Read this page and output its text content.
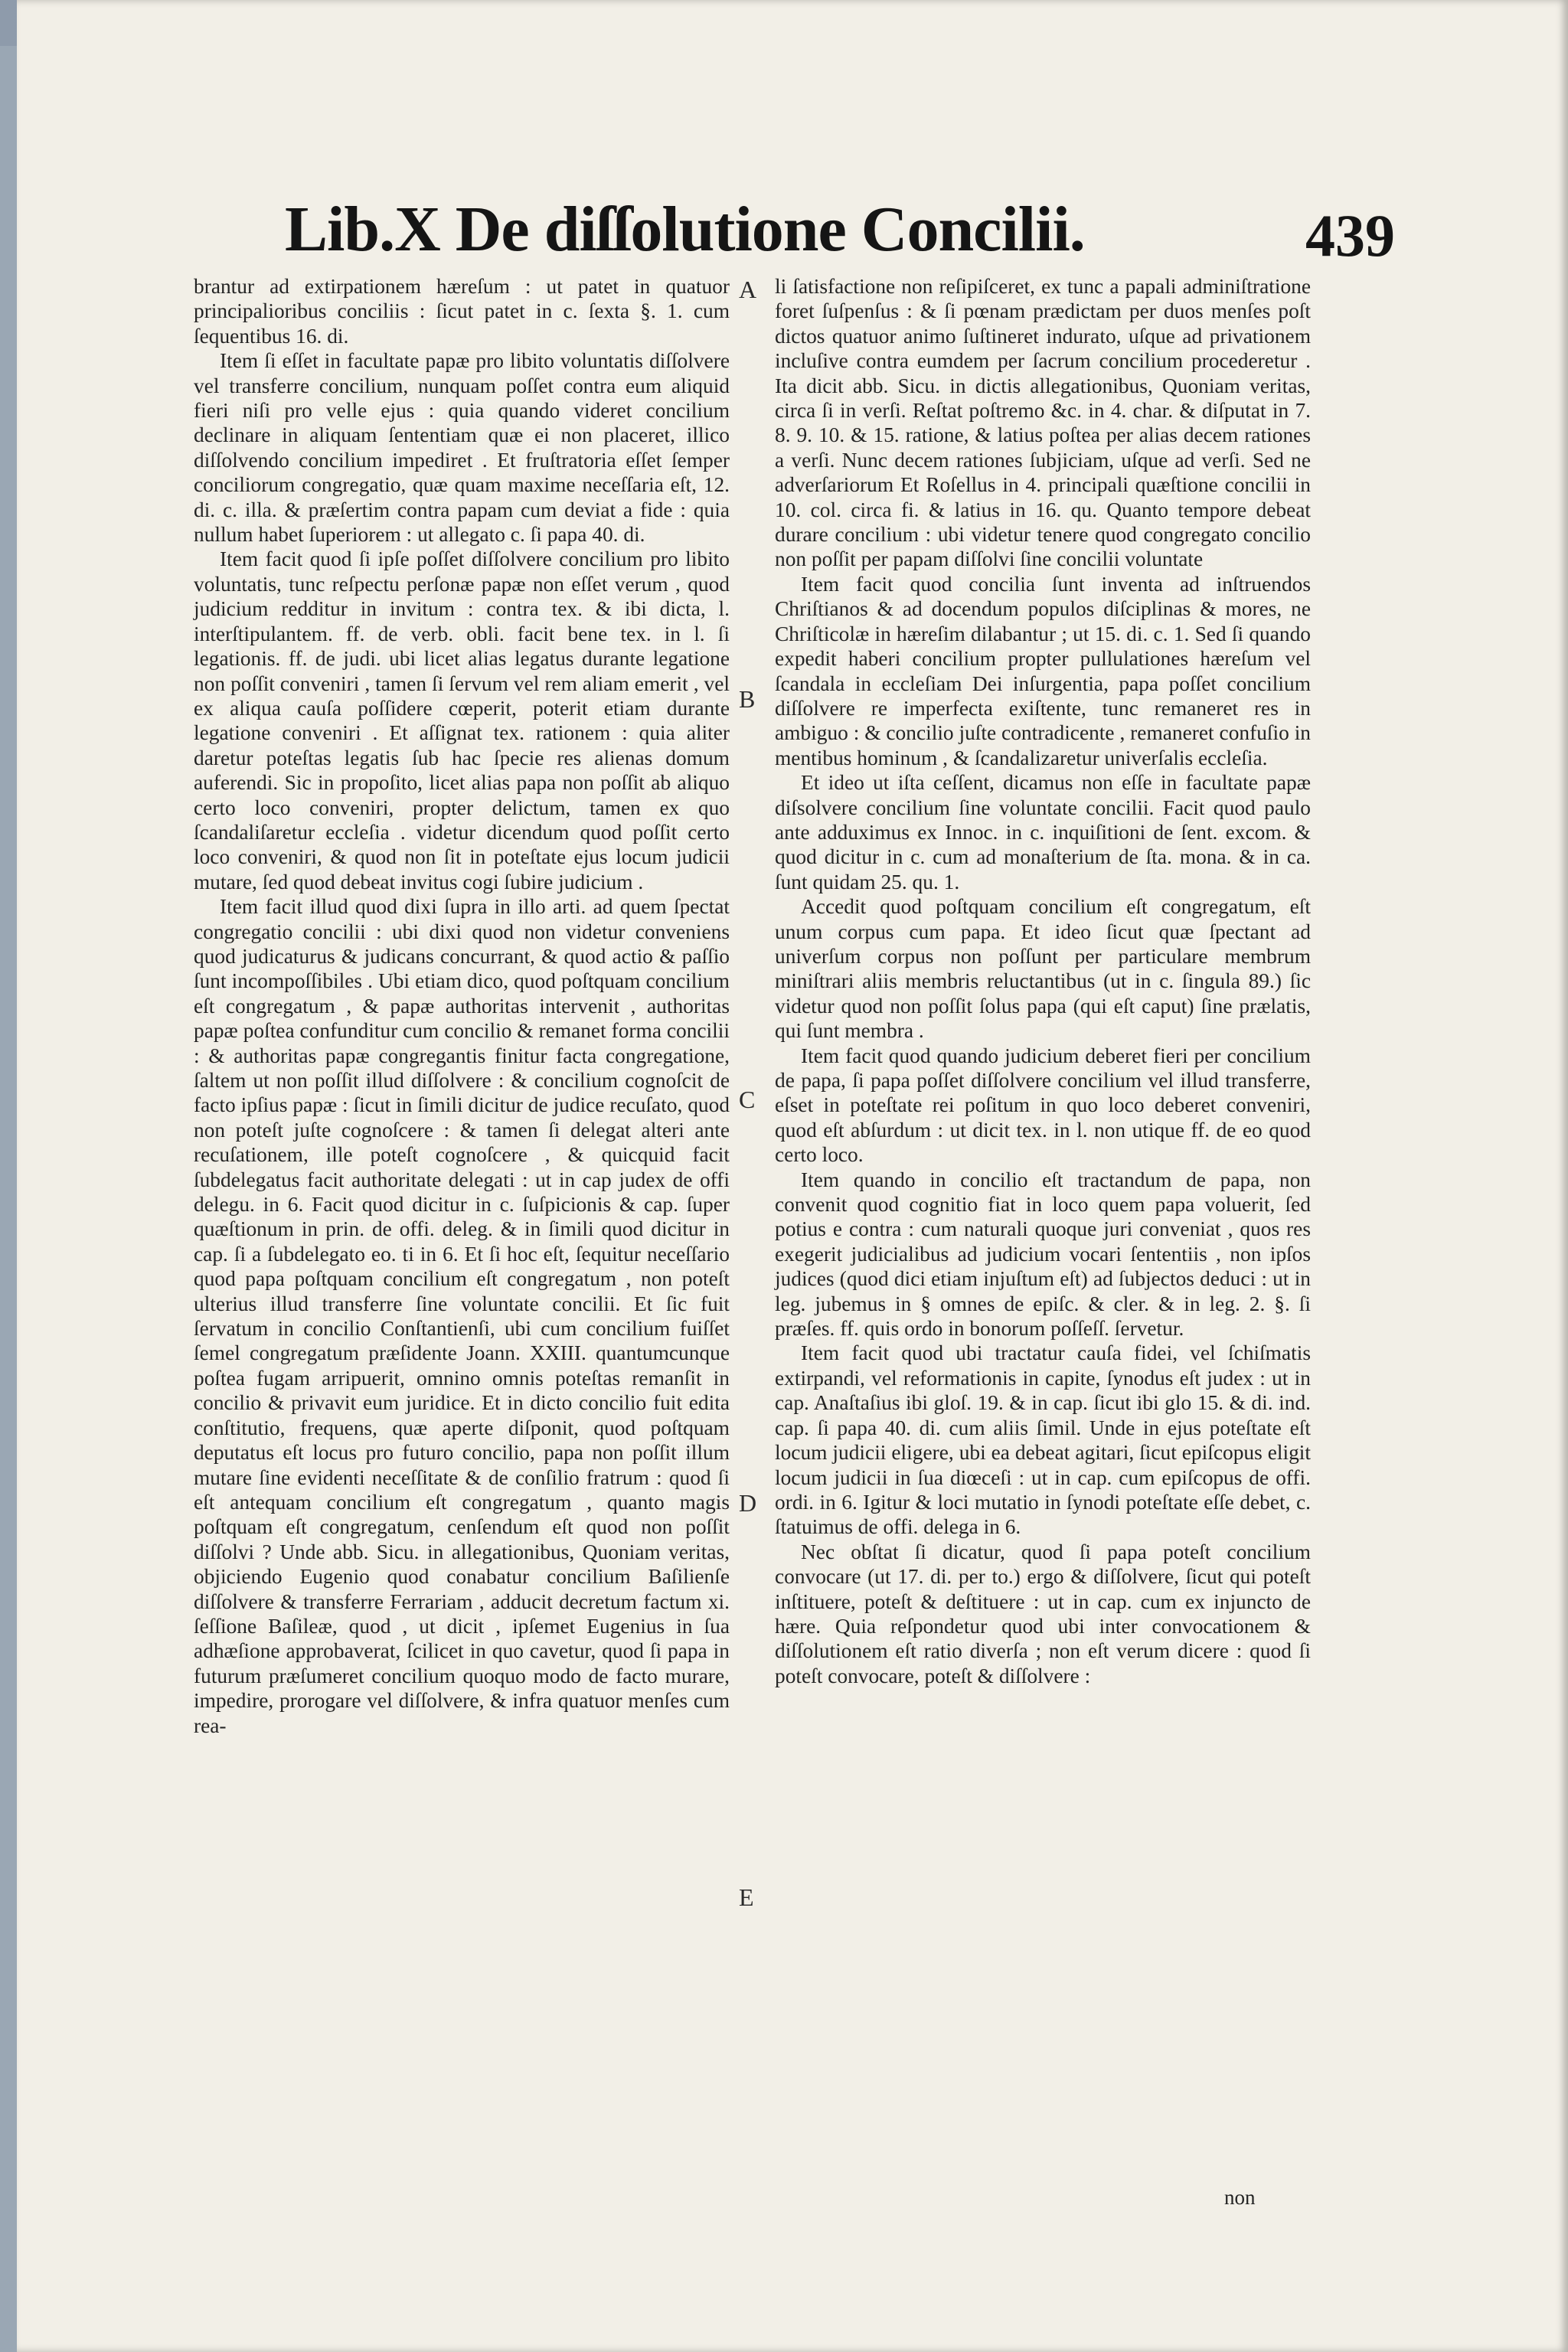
Lib.X De diſſolutione Concilii.	439

brantur ad extirpationem hæreſum : ut patet in quatuor principalioribus conciliis : ſicut patet in c. ſexta §. 1. cum ſequentibus 16. di.

Item ſi eſſet in facultate papæ pro libito voluntatis diſſolvere vel transferre concilium, nunquam poſſet contra eum aliquid fieri niſi pro velle ejus : quia quando videret concilium declinare in aliquam ſententiam quæ ei non placeret, illico diſſolvendo concilium impediret . Et fruſtratoria eſſet ſemper conciliorum congregatio, quæ quam maxime neceſſaria eſt, 12. di. c. illa. & præſertim contra papam cum deviat a fide : quia nullum habet ſuperiorem : ut allegato c. ſi papa 40. di.

Item facit quod ſi ipſe poſſet diſſolvere concilium pro libito voluntatis, tunc reſpectu perſonæ papæ non eſſet verum , quod judicium redditur in invitum : contra tex. & ibi dicta, l. interſtipulantem. ff. de verb. obli. facit bene tex. in l. ſi legationis. ff. de judi. ubi licet alias legatus durante legatione non poſſit conveniri , tamen ſi ſervum vel rem aliam emerit , vel ex aliqua cauſa poſſidere cœperit, poterit etiam durante legatione conveniri . Et aſſignat tex. rationem : quia aliter daretur poteſtas legatis ſub hac ſpecie res alienas domum auferendi. Sic in propoſito, licet alias papa non poſſit ab aliquo certo loco conveniri, propter delictum, tamen ex quo ſcandaliſaretur eccleſia . videtur dicendum quod poſſit certo loco conveniri, & quod non ſit in poteſtate ejus locum judicii mutare, ſed quod debeat invitus cogi ſubire judicium .

Item facit illud quod dixi ſupra in illo arti. ad quem ſpectat congregatio concilii : ubi dixi quod non videtur conveniens quod judicaturus & judicans concurrant, & quod actio & paſſio ſunt incompoſſibiles . Ubi etiam dico, quod poſtquam concilium eſt congregatum , & papæ authoritas intervenit , authoritas papæ poſtea confunditur cum concilio & remanet forma concilii : & authoritas papæ congregantis finitur facta congregatione, ſaltem ut non poſſit illud diſſolvere : & concilium cognoſcit de facto ipſius papæ : ſicut in ſimili dicitur de judice recuſato, quod non poteſt juſte cognoſcere : & tamen ſi delegat alteri ante recuſationem, ille poteſt cognoſcere , & quicquid facit ſubdelegatus facit authoritate delegati : ut in cap judex de offi delegu. in 6. Facit quod dicitur in c. ſuſpicionis & cap. ſuper quæſtionum in prin. de offi. deleg. & in ſimili quod dicitur in cap. ſi a ſubdelegato eo. ti in 6. Et ſi hoc eſt, ſequitur neceſſario quod papa poſtquam concilium eſt congregatum , non poteſt ulterius illud transferre ſine voluntate concilii. Et ſic fuit ſervatum in concilio Conſtantienſi, ubi cum concilium fuiſſet ſemel congregatum præſidente Joann. XXIII. quantumcunque poſtea fugam arripuerit, omnino omnis poteſtas remanſit in concilio & privavit eum juridice. Et in dicto concilio fuit edita conſtitutio, frequens, quæ aperte diſponit, quod poſtquam deputatus eſt locus pro futuro concilio, papa non poſſit illum mutare ſine evidenti neceſſitate & de conſilio fratrum : quod ſi eſt antequam concilium eſt congregatum , quanto magis poſtquam eſt congregatum, cenſendum eſt quod non poſſit diſſolvi ? Unde abb. Sicu. in allegationibus, Quoniam veritas, objiciendo Eugenio quod conabatur concilium Baſilienſe diſſolvere & transferre Ferrariam , adducit decretum factum xi. ſeſſione Baſileæ, quod , ut dicit , ipſemet Eugenius in ſua adhæſione approbaverat, ſcilicet in quo cavetur, quod ſi papa in futurum præſumeret concilium quoquo modo de facto murare, impedire, prorogare vel diſſolvere, & infra quatuor menſes cum rea-

A
B
C
D
E

li ſatisfactione non reſipiſceret, ex tunc a papali adminiſtratione foret ſuſpenſus : & ſi pœnam prædictam per duos menſes poſt dictos quatuor animo ſuſtineret indurato, uſque ad privationem incluſive contra eumdem per ſacrum concilium procederetur . Ita dicit abb. Sicu. in dictis allegationibus, Quoniam veritas, circa ſi in verſi. Reſtat poſtremo &c. in 4. char. & diſputat in 7. 8. 9. 10. & 15. ratione, & latius poſtea per alias decem rationes a verſi. Nunc decem rationes ſubjiciam, uſque ad verſi. Sed ne adverſariorum Et Roſellus in 4. principali quæſtione concilii in 10. col. circa fi. & latius in 16. qu. Quanto tempore debeat durare concilium : ubi videtur tenere quod congregato concilio non poſſit per papam diſſolvi ſine concilii voluntate

Item facit quod concilia ſunt inventa ad inſtruendos Chriſtianos & ad docendum populos diſciplinas & mores, ne Chriſticolæ in hæreſim dilabantur ; ut 15. di. c. 1. Sed ſi quando expedit haberi concilium propter pullulationes hæreſum vel ſcandala in eccleſiam Dei inſurgentia, papa poſſet concilium diſſolvere re imperfecta exiſtente, tunc remaneret res in ambiguo : & concilio juſte contradicente , remaneret confuſio in mentibus hominum , & ſcandalizaretur univerſalis eccleſia.

Et ideo ut iſta ceſſent, dicamus non eſſe in facultate papæ diſsolvere concilium ſine voluntate concilii. Facit quod paulo ante adduximus ex Innoc. in c. inquiſitioni de ſent. excom. & quod dicitur in c. cum ad monaſterium de ſta. mona. & in ca. ſunt quidam 25. qu. 1.

Accedit quod poſtquam concilium eſt congregatum, eſt unum corpus cum papa. Et ideo ſicut quæ ſpectant ad univerſum corpus non poſſunt per particulare membrum miniſtrari aliis membris reluctantibus (ut in c. ſingula 89.) ſic videtur quod non poſſit ſolus papa (qui eſt caput) ſine prælatis, qui ſunt membra .

Item facit quod quando judicium deberet fieri per concilium de papa, ſi papa poſſet diſſolvere concilium vel illud transferre, eſset in poteſtate rei poſitum in quo loco deberet conveniri, quod eſt abſurdum : ut dicit tex. in l. non utique ff. de eo quod certo loco.

Item quando in concilio eſt tractandum de papa, non convenit quod cognitio fiat in loco quem papa voluerit, ſed potius e contra : cum naturali quoque juri conveniat , quos res exegerit judicialibus ad judicium vocari ſententiis , non ipſos judices (quod dici etiam injuſtum eſt) ad ſubjectos deduci : ut in leg. jubemus in § omnes de epiſc. & cler. & in leg. 2. §. ſi præſes. ff. quis ordo in bonorum poſſeſſ. ſervetur.

Item facit quod ubi tractatur cauſa fidei, vel ſchiſmatis extirpandi, vel reformationis in capite, ſynodus eſt judex : ut in cap. Anaſtaſius ibi gloſ. 19. & in cap. ſicut ibi glo 15. & di. ind. cap. ſi papa 40. di. cum aliis ſimil. Unde in ejus poteſtate eſt locum judicii eligere, ubi ea debeat agitari, ſicut epiſcopus eligit locum judicii in ſua diœceſi : ut in cap. cum epiſcopus de offi. ordi. in 6. Igitur & loci mutatio in ſynodi poteſtate eſſe debet, c. ſtatuimus de offi. delega in 6.

Nec obſtat ſi dicatur, quod ſi papa poteſt concilium convocare (ut 17. di. per to.) ergo & diſſolvere, ſicut qui poteſt inſtituere, poteſt & deſtituere : ut in cap. cum ex injuncto de hære. Quia reſpondetur quod ubi inter convocationem & diſſolutionem eſt ratio diverſa ; non eſt verum dicere : quod ſi poteſt convocare, poteſt & diſſolvere :

non
